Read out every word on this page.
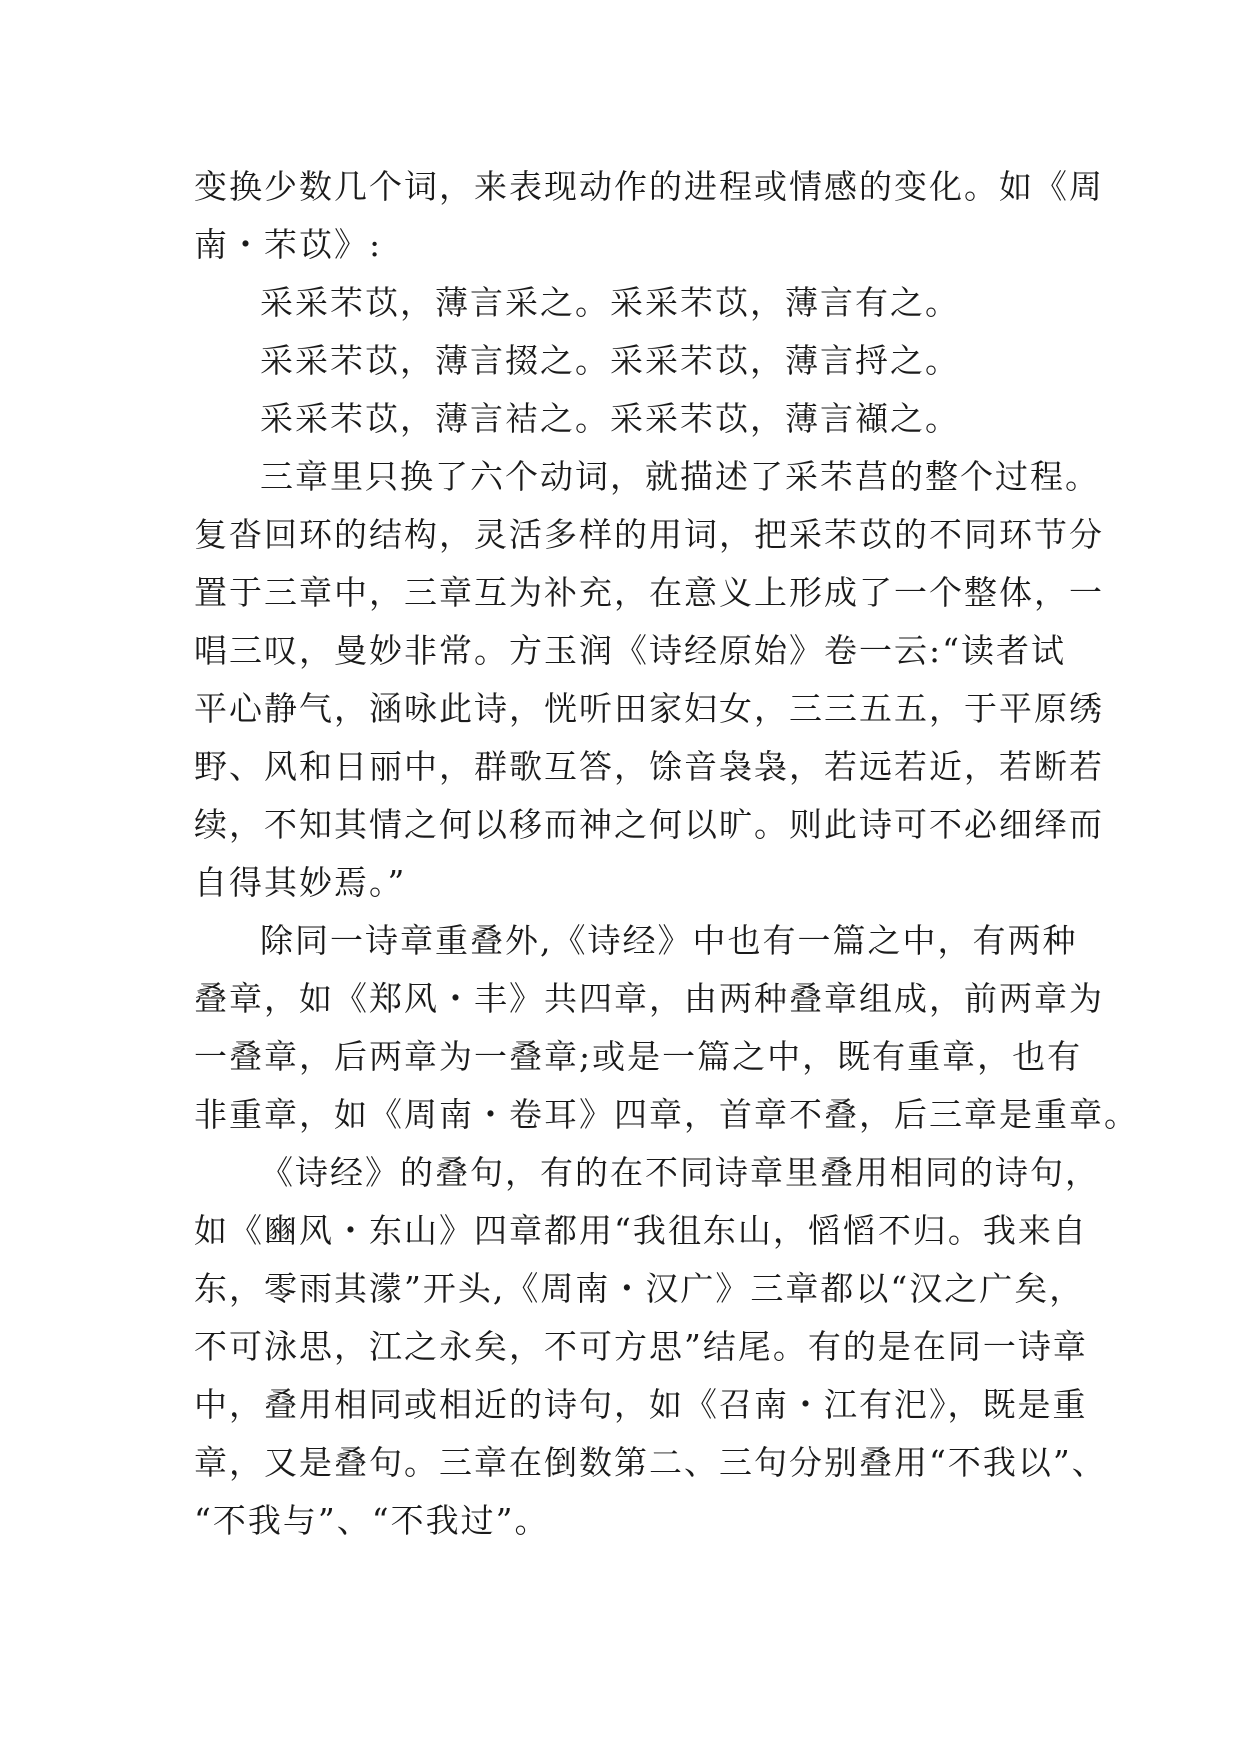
变换少数几个词，来表现动作的进程或情感的变化。如《周
南・芣苡》:
采采芣苡，薄言采之。采采芣苡，薄言有之。
采采芣苡，薄言掇之。采采芣苡，薄言捋之。
采采芣苡，薄言袺之。采采芣苡，薄言襭之。
三章里只换了六个动词，就描述了采芣莒的整个过程。
复沓回环的结构，灵活多样的用词，把采芣苡的不同环节分
置于三章中，三章互为补充，在意义上形成了一个整体，一
唱三叹，曼妙非常。方玉润《诗经原始》卷一云:“读者试
平心静气，涵咏此诗，恍听田家妇女，三三五五，于平原绣
野、风和日丽中，群歌互答，馀音袅袅，若远若近，若断若
续，不知其情之何以移而神之何以旷。则此诗可不必细绎而
自得其妙焉。”
除同一诗章重叠外,《诗经》中也有一篇之中，有两种
叠章，如《郑风・丰》共四章，由两种叠章组成，前两章为
一叠章，后两章为一叠章;或是一篇之中，既有重章，也有
非重章，如《周南・卷耳》四章，首章不叠，后三章是重章。
《诗经》的叠句，有的在不同诗章里叠用相同的诗句，
如《豳风・东山》四章都用“我徂东山，慆慆不归。我来自
东，零雨其濛”开头,《周南・汉广》三章都以“汉之广矣，
不可泳思，江之永矣，不可方思”结尾。有的是在同一诗章
中，叠用相同或相近的诗句，如《召南・江有汜》，既是重
章，又是叠句。三章在倒数第二、三句分别叠用“不我以”、
“不我与”、“不我过”。
